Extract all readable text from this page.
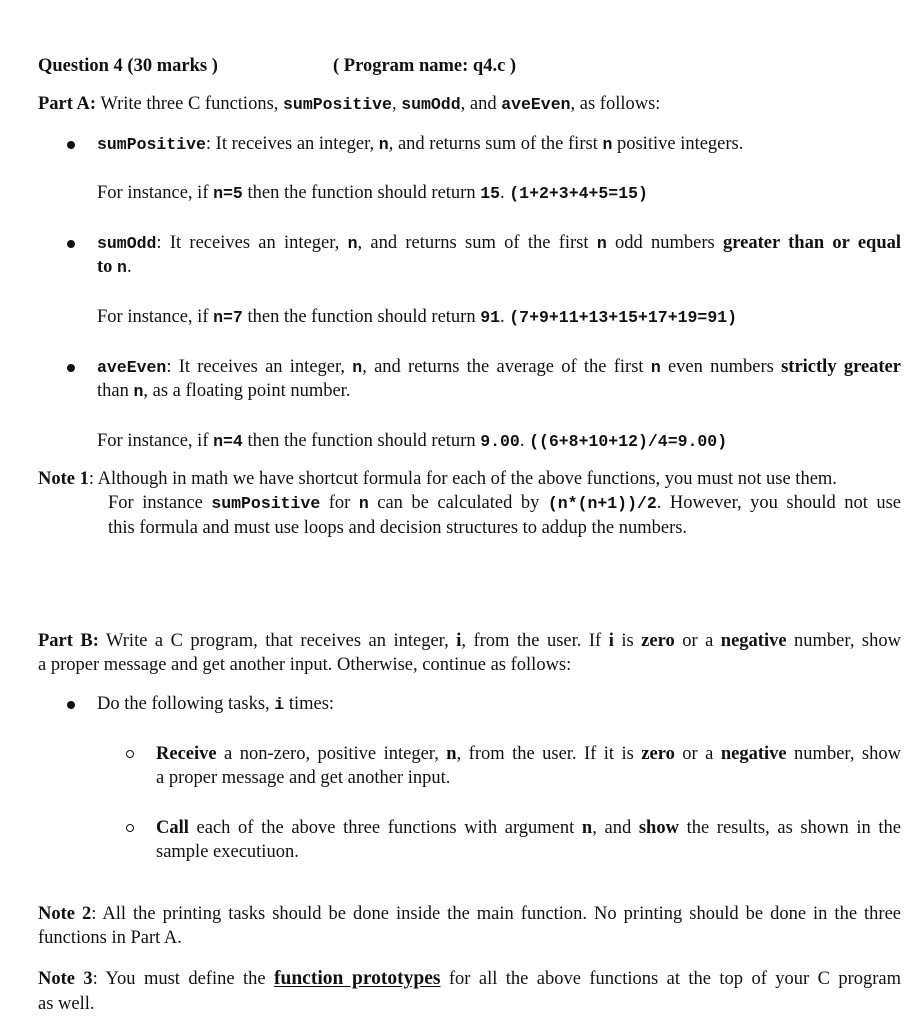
Question 4 (30 marks )	( Program name: q4.c )
Part A: Write three C functions, sumPositive, sumOdd, and aveEven, as follows:
sumPositive: It receives an integer, n, and returns sum of the first n positive integers.
For instance, if n=5 then the function should return 15. (1+2+3+4+5=15)
sumOdd: It receives an integer, n, and returns sum of the first n odd numbers greater than or equal
to n.
For instance, if n=7 then the function should return 91. (7+9+11+13+15+17+19=91)
aveEven: It receives an integer, n, and returns the average of the first n even numbers strictly greater
than n, as a floating point number.
For instance, if n=4 then the function should return 9.00. ((6+8+10+12)/4=9.00)
Note 1: Although in math we have shortcut formula for each of the above functions, you must not use them.
For instance sumPositive for n can be calculated by (n*(n+1))/2. However, you should not use
this formula and must use loops and decision structures to addup the numbers.
Part B: Write a C program, that receives an integer, i, from the user. If i is zero or a negative number, show
a proper message and get another input. Otherwise, continue as follows:
Do the following tasks, i times:
Receive a non-zero, positive integer, n, from the user. If it is zero or a negative number, show
a proper message and get another input.
Call each of the above three functions with argument n, and show the results, as shown in the
sample executiuon.
Note 2: All the printing tasks should be done inside the main function. No printing should be done in the three
functions in Part A.
Note 3: You must define the function prototypes for all the above functions at the top of your C program
as well.
